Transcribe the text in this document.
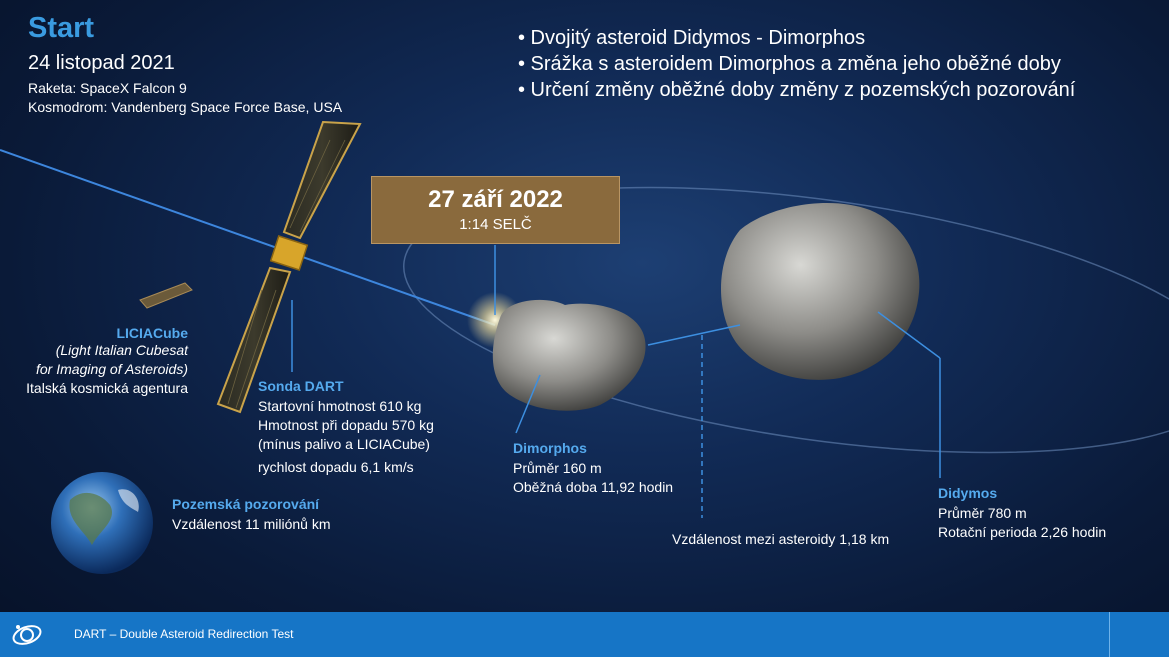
Start
24 listopad 2021
Raketa: SpaceX Falcon 9
Kosmodrom: Vandenberg Space Force Base, USA
• Dvojitý asteroid Didymos - Dimorphos
• Srážka s asteroidem Dimorphos a změna jeho oběžné doby
• Určení změny oběžné doby změny z pozemských pozorování
27 září 2022
1:14 SELČ
LICIACube
(Light Italian Cubesat
for Imaging of Asteroids)
Italská kosmická agentura	Sonda DART
Startovní hmotnost 610 kg
Hmotnost při dopadu 570 kg
(mínus palivo a LICIACube)
rychlost dopadu 6,1 km/s
Pozemská pozorování
Vzdálenost 11 miliónů km
Dimorphos
Průměr 160 m
Oběžná doba 11,92 hodin	Didymos
Průměr 780 m
Rotační perioda 2,26 hodin
Vzdálenost mezi asteroidy 1,18 km
DART – Double Asteroid Redirection Test
